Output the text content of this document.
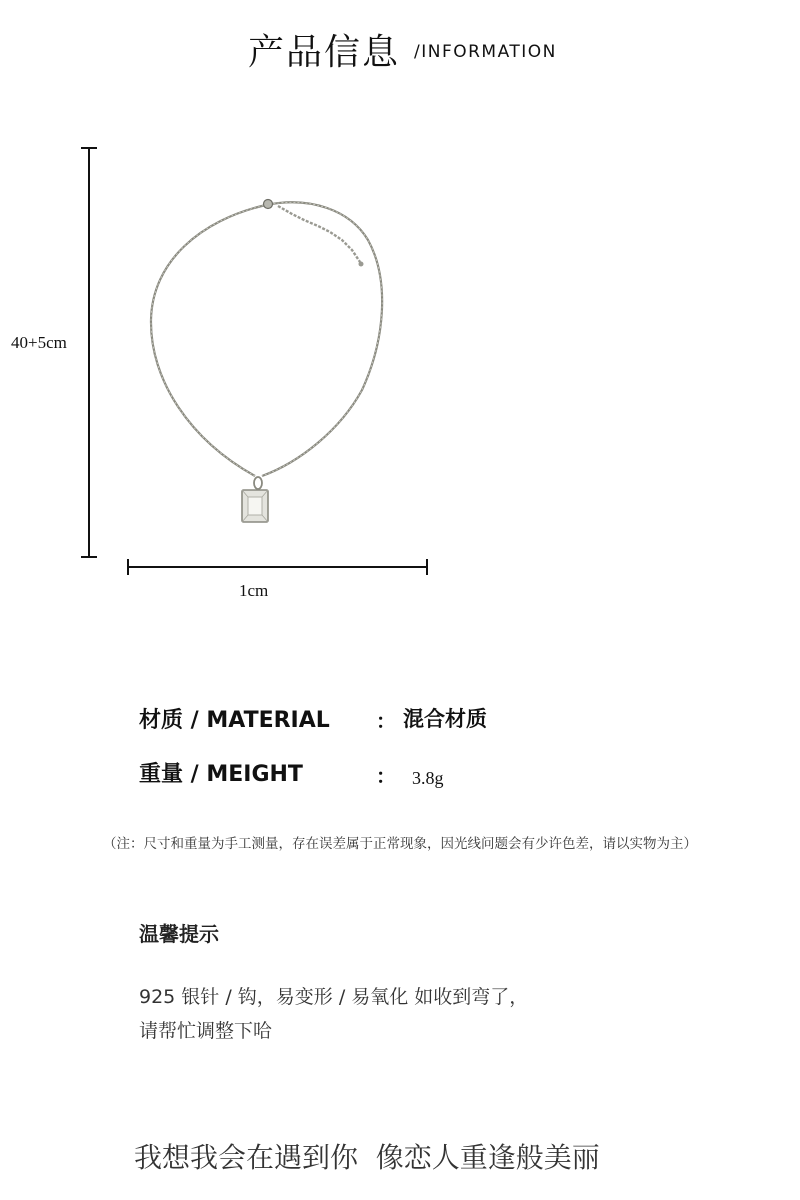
产品信息 /INFORMATION
40+5cm
1cm
材质 / MATERIAL ： 混合材质
重量 / MEIGHT	： 3.8g
（注：尺寸和重量为手工测量，存在误差属于正常现象，因光线问题会有少许色差，请以实物为主）
温馨提示
925 银针 / 钩，易变形 / 易氧化 如收到弯了，
请帮忙调整下哈
我想我会在遇到你  像恋人重逢般美丽
